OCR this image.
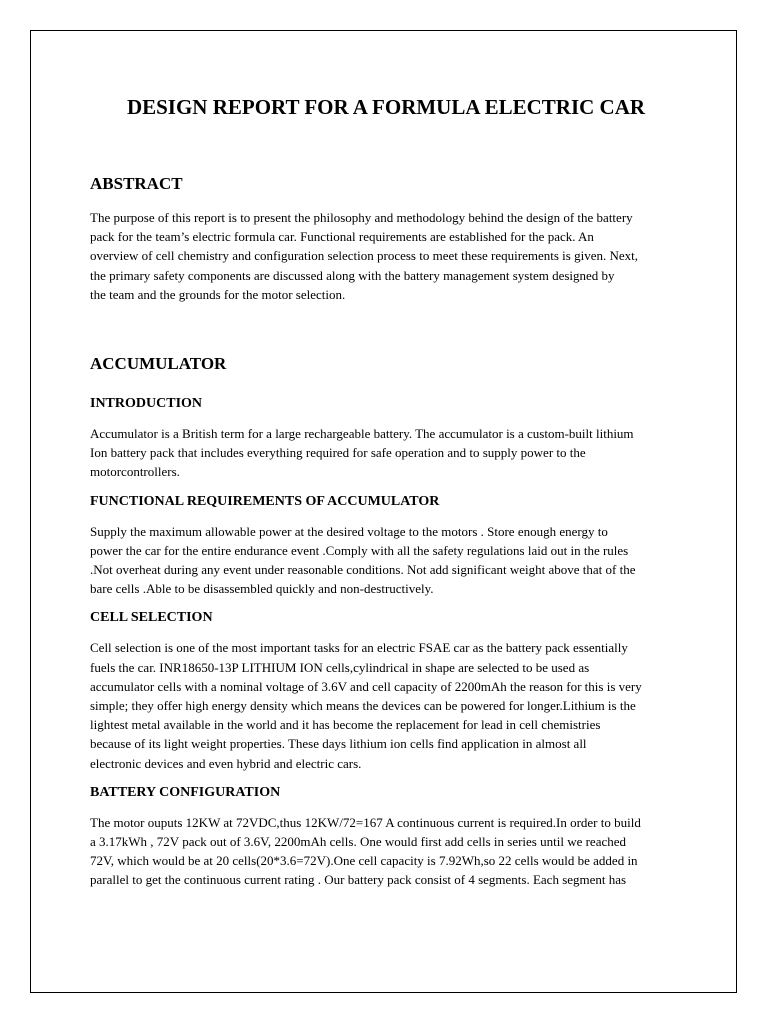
DESIGN REPORT FOR A FORMULA ELECTRIC CAR
ABSTRACT

The purpose of this report is to present the philosophy and methodology behind the design of the battery
pack for the team’s electric formula car. Functional requirements are established for the pack. An
overview of cell chemistry and configuration selection process to meet these requirements is given. Next,
the primary safety components are discussed along with the battery management system designed by
the team and the grounds for the motor selection.

ACCUMULATOR
INTRODUCTION

Accumulator is a British term for a large rechargeable battery. The accumulator is a custom-built lithium
Ion battery pack that includes everything required for safe operation and to supply power to the
motorcontrollers.

FUNCTIONAL REQUIREMENTS OF ACCUMULATOR

Supply the maximum allowable power at the desired voltage to the motors . Store enough energy to
power the car for the entire endurance event .Comply with all the safety regulations laid out in the rules
.Not overheat during any event under reasonable conditions. Not add significant weight above that of the
bare cells .Able to be disassembled quickly and non-destructively.

CELL SELECTION

Cell selection is one of the most important tasks for an electric FSAE car as the battery pack essentially
fuels the car. INR18650-13P LITHIUM ION cells,cylindrical in shape are selected to be used as
accumulator cells with a nominal voltage of 3.6V and cell capacity of 2200mAh the reason for this is very
simple; they offer high energy density which means the devices can be powered for longer.Lithium is the
lightest metal available in the world and it has become the replacement for lead in cell chemistries
because of its light weight properties. These days lithium ion cells find application in almost all
electronic devices and even hybrid and electric cars.

BATTERY CONFIGURATION

The motor ouputs 12KW at 72VDC,thus 12KW/72=167 A continuous current is required.In order to build
a 3.17kWh , 72V pack out of 3.6V, 2200mAh cells. One would first add cells in series until we reached
72V, which would be at 20 cells(20*3.6=72V).One cell capacity is 7.92Wh,so 22 cells would be added in
parallel to get the continuous current rating . Our battery pack consist of 4 segments. Each segment has
